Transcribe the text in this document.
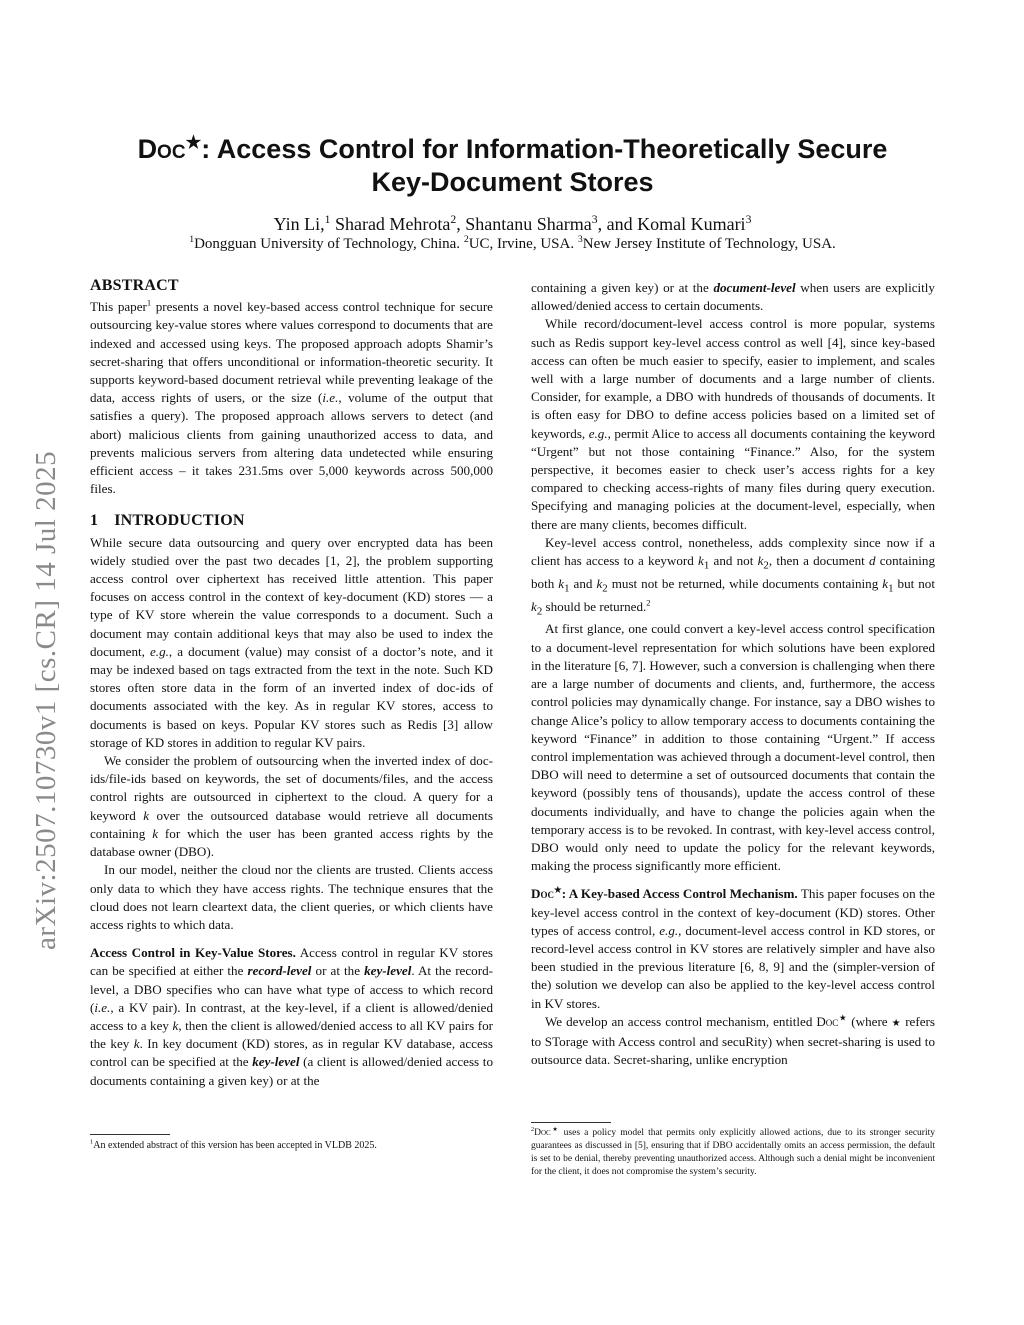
arXiv:2507.10730v1 [cs.CR] 14 Jul 2025
Doc★: Access Control for Information-Theoretically Secure
Key-Document Stores
Yin Li,$^1$ Sharad Mehrota$^2$, Shantanu Sharma$^3$, and Komal Kumari$^3$
$^1$Dongguan University of Technology, China. $^2$UC, Irvine, USA. $^3$New Jersey Institute of Technology, USA.
ABSTRACT

This paper$^1$ presents a novel key-based access control technique for secure outsourcing key-value stores where values correspond to documents that are indexed and accessed using keys. The proposed approach adopts Shamir’s secret-sharing that offers unconditional or information-theoretic security. It supports keyword-based document retrieval while preventing leakage of the data, access rights of users, or the size (i.e., volume of the output that satisfies a query). The proposed approach allows servers to detect (and abort) malicious clients from gaining unauthorized access to data, and prevents malicious servers from altering data undetected while ensuring efficient access – it takes 231.5ms over 5,000 keywords across 500,000 files.

1 INTRODUCTION

While secure data outsourcing and query over encrypted data has been widely studied over the past two decades [1, 2], the problem supporting access control over ciphertext has received little attention. This paper focuses on access control in the context of key-document (KD) stores — a type of KV store wherein the value corresponds to a document. Such a document may contain additional keys that may also be used to index the document, e.g., a document (value) may consist of a doctor’s note, and it may be indexed based on tags extracted from the text in the note. Such KD stores often store data in the form of an inverted index of doc-ids of documents associated with the key. As in regular KV stores, access to documents is based on keys. Popular KV stores such as Redis [3] allow storage of KD stores in addition to regular KV pairs.

We consider the problem of outsourcing when the inverted index of doc-ids/file-ids based on keywords, the set of documents/files, and the access control rights are outsourced in ciphertext to the cloud. A query for a keyword k over the outsourced database would retrieve all documents containing k for which the user has been granted access rights by the database owner (DBO).

In our model, neither the cloud nor the clients are trusted. Clients access only data to which they have access rights. The technique ensures that the cloud does not learn cleartext data, the client queries, or which clients have access rights to which data.

Access Control in Key-Value Stores. Access control in regular KV stores can be specified at either the record-level or at the key-level. At the record-level, a DBO specifies who can have what type of access to which record (i.e., a KV pair). In contrast, at the key-level, if a client is allowed/denied access to a key k, then the client is allowed/denied access to all KV pairs for the key k. In key document (KD) stores, as in regular KV database, access control can be specified at the key-level (a client is allowed/denied access to documents containing a given key) or at the

$^1$An extended abstract of this version has been accepted in VLDB 2025.

containing a given key) or at the document-level when users are explicitly allowed/denied access to certain documents.

While record/document-level access control is more popular, systems such as Redis support key-level access control as well [4], since key-based access can often be much easier to specify, easier to implement, and scales well with a large number of documents and a large number of clients. Consider, for example, a DBO with hundreds of thousands of documents. It is often easy for DBO to define access policies based on a limited set of keywords, e.g., permit Alice to access all documents containing the keyword “Urgent” but not those containing “Finance.” Also, for the system perspective, it becomes easier to check user’s access rights for a key compared to checking access-rights of many files during query execution. Specifying and managing policies at the document-level, especially, when there are many clients, becomes difficult.

Key-level access control, nonetheless, adds complexity since now if a client has access to a keyword $k_1$ and not $k_2$, then a document d containing both $k_1$ and $k_2$ must not be returned, while documents containing $k_1$ but not $k_2$ should be returned.$^2$

At first glance, one could convert a key-level access control specification to a document-level representation for which solutions have been explored in the literature [6, 7]. However, such a conversion is challenging when there are a large number of documents and clients, and, furthermore, the access control policies may dynamically change. For instance, say a DBO wishes to change Alice’s policy to allow temporary access to documents containing the keyword “Finance” in addition to those containing “Urgent.” If access control implementation was achieved through a document-level control, then DBO will need to determine a set of outsourced documents that contain the keyword (possibly tens of thousands), update the access control of these documents individually, and have to change the policies again when the temporary access is to be revoked. In contrast, with key-level access control, DBO would only need to update the policy for the relevant keywords, making the process significantly more efficient.

Doc★: A Key-based Access Control Mechanism. This paper focuses on the key-level access control in the context of key-document (KD) stores. Other types of access control, e.g., document-level access control in KD stores, or record-level access control in KV stores are relatively simpler and have also been studied in the previous literature [6, 8, 9] and the (simpler-version of the) solution we develop can also be applied to the key-level access control in KV stores.

We develop an access control mechanism, entitled Doc★ (where ★ refers to STorage with Access control and secuRity) when secret-sharing is used to outsource data. Secret-sharing, unlike encryption

$^2$Doc★ uses a policy model that permits only explicitly allowed actions, due to its stronger security guarantees as discussed in [5], ensuring that if DBO accidentally omits an access permission, the default is set to be denial, thereby preventing unauthorized access. Although such a denial might be inconvenient for the client, it does not compromise the system’s security.
